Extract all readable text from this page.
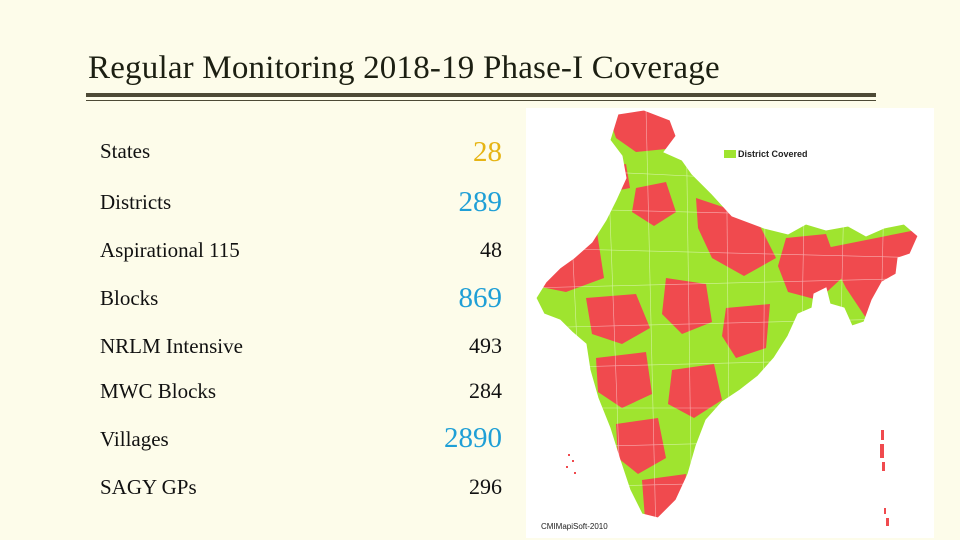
Regular Monitoring 2018-19 Phase-I Coverage
States	28
Districts	289
Aspirational 115	48
Blocks	869
NRLM Intensive	493
MWC Blocks	284
Villages	2890
SAGY GPs	296
District Covered
CMIMapiSoft-2010
